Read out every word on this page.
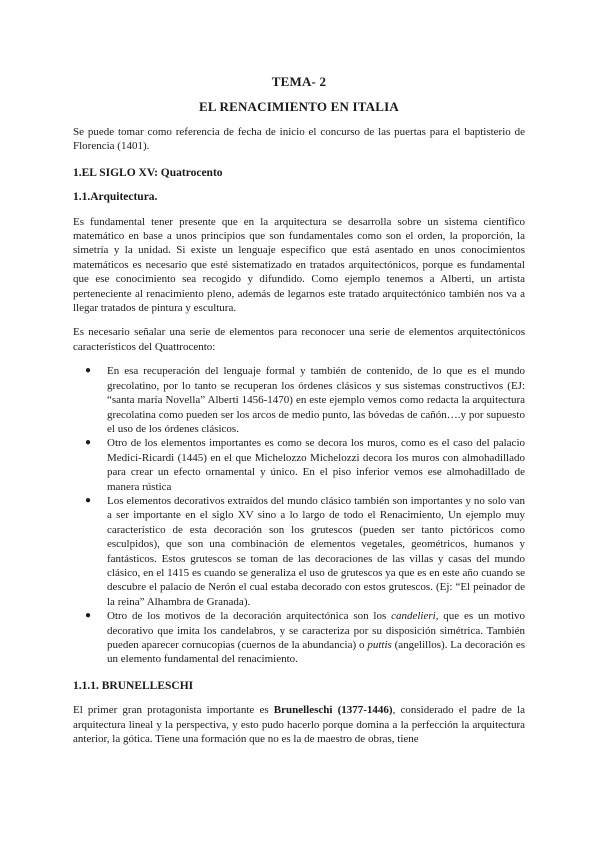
TEMA- 2
EL RENACIMIENTO EN ITALIA

Se puede tomar como referencia de fecha de inicio el concurso de las puertas para el baptisterio de Florencia (1401).

1.EL SIGLO XV: Quatrocento
1.1.Arquitectura.

Es fundamental tener presente que en la arquitectura se desarrolla sobre un sistema científico matemático en base a unos principios que son fundamentales como son el orden, la proporción, la simetría y la unidad. Si existe un lenguaje específico que está asentado en unos conocimientos matemáticos es necesario que esté sistematizado en tratados arquitectónicos, porque es fundamental que ese conocimiento sea recogido y difundido. Como ejemplo tenemos a Alberti, un artista perteneciente al renacimiento pleno, además de legarnos este tratado arquitectónico también nos va a llegar tratados de pintura y escultura.

Es necesario señalar una serie de elementos para reconocer una serie de elementos arquitectónicos característicos del Quattrocento:

● En esa recuperación del lenguaje formal y también de contenido, de lo que es el mundo grecolatino, por lo tanto se recuperan los órdenes clásicos y sus sistemas constructivos (EJ: “santa maría Novella” Alberti 1456-1470) en este ejemplo vemos como redacta la arquitectura grecolatina como pueden ser los arcos de medio punto, las bóvedas de cañón….y por supuesto el uso de los órdenes clásicos.
● Otro de los elementos importantes es como se decora los muros, como es el caso del palacio Medici-Ricardi (1445) en el que Michelozzo Michelozzi decora los muros con almohadillado para crear un efecto ornamental y único. En el piso inferior vemos ese almohadillado de manera rústica
● Los elementos decorativos extraídos del mundo clásico también son importantes y no solo van a ser importante en el siglo XV sino a lo largo de todo el Renacimiento, Un ejemplo muy característico de esta decoración son los grutescos (pueden ser tanto pictóricos como esculpidos), que son una combinación de elementos vegetales, geométricos, humanos y fantásticos. Estos grutescos se toman de las decoraciones de las villas y casas del mundo clásico, en el 1415 es cuando se generaliza el uso de grutescos ya que es en este año cuando se descubre el palacio de Nerón el cual estaba decorado con estos grutescos. (Ej: “El peinador de la reina” Alhambra de Granada).
● Otro de los motivos de la decoración arquitectónica son los candelieri, que es un motivo decorativo que imita los candelabros, y se caracteriza por su disposición simétrica. También pueden aparecer cornucopias (cuernos de la abundancia) o puttis (angelillos). La decoración es un elemento fundamental del renacimiento.
1.1.1. BRUNELLESCHI

El primer gran protagonista importante es Brunelleschi (1377-1446), considerado el padre de la arquitectura lineal y la perspectiva, y esto pudo hacerlo porque domina a la perfección la arquitectura anterior, la gótica. Tiene una formación que no es la de maestro de obras, tiene
